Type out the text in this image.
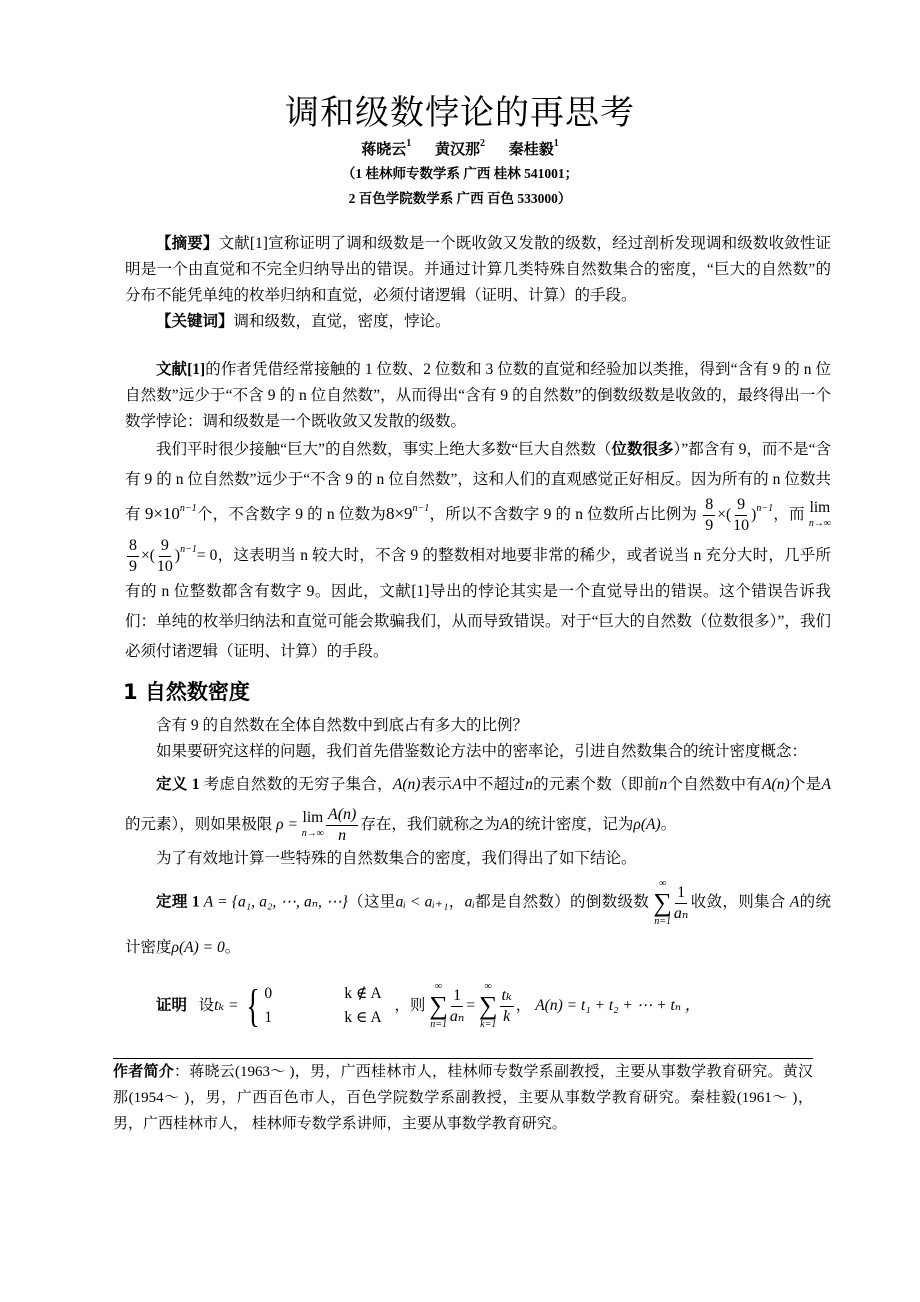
调和级数悖论的再思考
蒋晓云$^1$ 黄汉那$^2$ 秦桂毅$^1$
（1 桂林师专数学系 广西 桂林 541001；
2 百色学院数学系 广西 百色 533000）

【摘要】文献[1]宣称证明了调和级数是一个既收敛又发散的级数，经过剖析发现调和级数收敛性证明是一个由直觉和不完全归纳导出的错误。并通过计算几类特殊自然数集合的密度，“巨大的自然数”的分布不能凭单纯的枚举归纳和直觉，必须付诸逻辑（证明、计算）的手段。

【关键词】调和级数，直觉，密度，悖论。

文献[1]的作者凭借经常接触的 1 位数、2 位数和 3 位数的直觉和经验加以类推，得到“含有 9 的 n 位自然数”远少于“不含 9 的 n 位自然数”，从而得出“含有 9 的自然数”的倒数级数是收敛的，最终得出一个数学悖论：调和级数是一个既收敛又发散的级数。

我们平时很少接触“巨大”的自然数，事实上绝大多数“巨大自然数（位数很多）”都含有 9，而不是“含有 9 的 n 位自然数”远少于“不含 9 的 n 位自然数”，这和人们的直观感觉正好相反。因为所有的 n 位数共有 $9\times 10^{n-1}$个，不含数字 9 的 n 位数为$8\times 9^{n-1}$，所以不含数字 9 的 n 位数所占比例为 $\frac{8}{9}$ ×( $\frac{9}{10} )^{n-1}$，而 lim
n→∞
$\frac{8}{9}$ ×( $\frac{9}{10} )^{n-1}= 0$，这表明当 n 较大时，不含 9 的整数相对地要非常的稀少，或者说当 n 充分大时，几乎所有的 n 位整数都含有数字 9。因此，文献[1]导出的悖论其实是一个直觉导出的错误。这个错误告诉我们：单纯的枚举归纳法和直觉可能会欺骗我们，从而导致错误。对于“巨大的自然数（位数很多）”，我们必须付诸逻辑（证明、计算）的手段。

1 自然数密度

含有 9 的自然数在全体自然数中到底占有多大的比例？

如果要研究这样的问题，我们首先借鉴数论方法中的密率论，引进自然数集合的统计密度概念：

定义 1 考虑自然数的无穷子集合，A(n)表示A中不超过n的元素个数（即前n个自然数中有A(n)个是A的元素），则如果极限 ρ = lim
$n\to\infty \frac{A(n)}{n}$ 存在，我们就称之为A的统计密度，记为ρ(A)。

为了有效地计算一些特殊的自然数集合的密度，我们得出了如下结论。

定理 1 A = {a₁, a₂, ⋯, aₙ, ⋯}（这里aᵢ < aᵢ₊₁，aᵢ都是自然数）的倒数级数
∞
∑
$n=1 \frac{1}{\text{aₙ}}$ 收敛，则集合 A的统计密度ρ(A) = 0。

证明 设tₖ = { 0	k ∉ A
1	k ∈ A
，则
∞
∑
$n=1 \frac{1}{\text{aₙ}}$ =
∞
∑
$k=1 \frac{\text{tₖ}}{k}$ ， A(n) = t₁ + t₂ + ⋯ + tₙ ，

作者简介：蒋晓云(1963～ )，男，广西桂林市人，桂林师专数学系副教授，主要从事数学教育研究。黄汉那(1954～ )，男，广西百色市人，百色学院数学系副教授，主要从事数学教育研究。秦桂毅(1961～ )，男，广西桂林市人， 桂林师专数学系讲师，主要从事数学教育研究。
